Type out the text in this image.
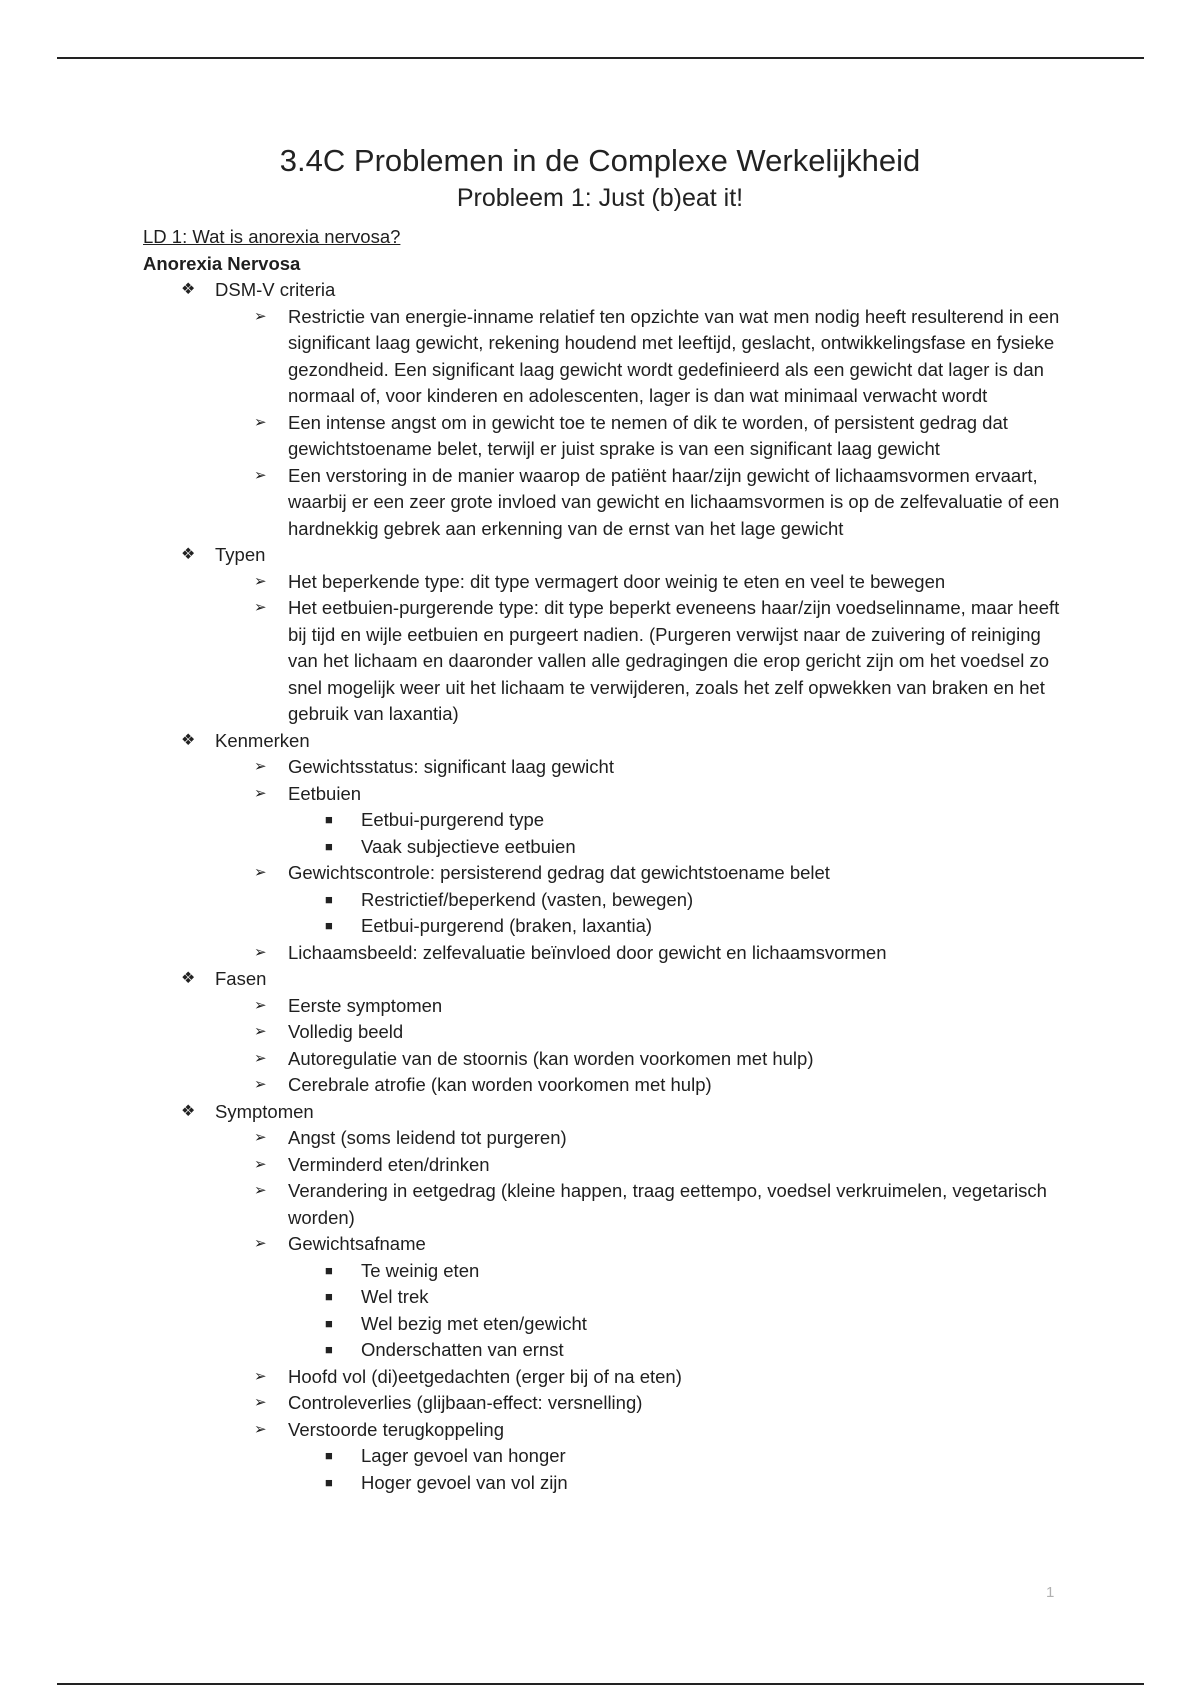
3.4C Problemen in de Complexe Werkelijkheid
Probleem 1: Just (b)eat it!
LD 1: Wat is anorexia nervosa?
Anorexia Nervosa
❖ DSM-V criteria
➢ Restrictie van energie-inname relatief ten opzichte van wat men nodig heeft resulterend in een significant laag gewicht, rekening houdend met leeftijd, geslacht, ontwikkelingsfase en fysieke gezondheid. Een significant laag gewicht wordt gedefinieerd als een gewicht dat lager is dan normaal of, voor kinderen en adolescenten, lager is dan wat minimaal verwacht wordt
➢ Een intense angst om in gewicht toe te nemen of dik te worden, of persistent gedrag dat gewichtstoename belet, terwijl er juist sprake is van een significant laag gewicht
➢ Een verstoring in de manier waarop de patiënt haar/zijn gewicht of lichaamsvormen ervaart, waarbij er een zeer grote invloed van gewicht en lichaamsvormen is op de zelfevaluatie of een hardnekkig gebrek aan erkenning van de ernst van het lage gewicht
❖ Typen
➢ Het beperkende type: dit type vermagert door weinig te eten en veel te bewegen
➢ Het eetbuien-purgerende type: dit type beperkt eveneens haar/zijn voedselinname, maar heeft bij tijd en wijle eetbuien en purgeert nadien. (Purgeren verwijst naar de zuivering of reiniging van het lichaam en daaronder vallen alle gedragingen die erop gericht zijn om het voedsel zo snel mogelijk weer uit het lichaam te verwijderen, zoals het zelf opwekken van braken en het gebruik van laxantia)
❖ Kenmerken
➢ Gewichtsstatus: significant laag gewicht
➢ Eetbuien
■ Eetbui-purgerend type
■ Vaak subjectieve eetbuien
➢ Gewichtscontrole: persisterend gedrag dat gewichtstoename belet
■ Restrictief/beperkend (vasten, bewegen)
■ Eetbui-purgerend (braken, laxantia)
➢ Lichaamsbeeld: zelfevaluatie beïnvloed door gewicht en lichaamsvormen
❖ Fasen
➢ Eerste symptomen
➢ Volledig beeld
➢ Autoregulatie van de stoornis (kan worden voorkomen met hulp)
➢ Cerebrale atrofie (kan worden voorkomen met hulp)
❖ Symptomen
➢ Angst (soms leidend tot purgeren)
➢ Verminderd eten/drinken
➢ Verandering in eetgedrag (kleine happen, traag eettempo, voedsel verkruimelen, vegetarisch worden)
➢ Gewichtsafname
■ Te weinig eten
■ Wel trek
■ Wel bezig met eten/gewicht
■ Onderschatten van ernst
➢ Hoofd vol (di)eetgedachten (erger bij of na eten)
➢ Controleverlies (glijbaan-effect: versnelling)
➢ Verstoorde terugkoppeling
■ Lager gevoel van honger
■ Hoger gevoel van vol zijn
1
